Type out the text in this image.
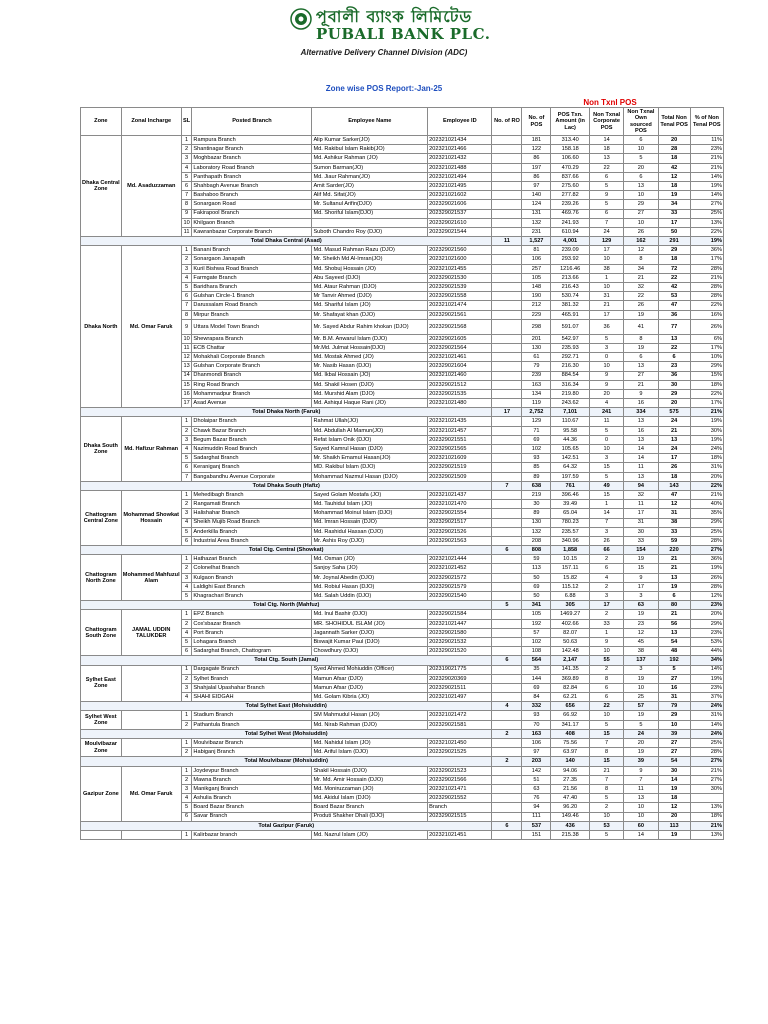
পূবালী ব্যাংক লিমিটেড
PUBALI BANK PLC.
Alternative Delivery Channel Division (ADC)
Zone wise POS Report:-Jan-25
Non Txnl POS
Zone	Zonal Incharge	SL	Posted Branch	Employee Name	Employee ID	No. of RO	No. of POS	POS Txn. Amount (in Lac)	Non Txnal Corporate POS	Non Txnal Own sourced POS	Total Non Tenal POS	% of Non Tenal POS
Dhaka Central Zone	Md. Asaduzzaman	1	Rampura Branch	Alip Kumar Sarker(JO)	202321021434		181	313.40	14	6	20	11%
		2	Shantinagar Branch	Md. Rakibul Islam Rakib(JO)	202321021466		122	158.18	18	10	28	23%
		3	Moghbazar Branch	Md. Ashikur Rahman (JO)	202321021432		86	106.60	13	5	18	21%
		4	Laboratory Road Branch	Sumon Barman(JO)	202321021488		197	470.29	22	20	42	21%
		5	Panthapath Branch	Md. Jiaur Rahman(JO)	202321021494		86	837.66	6	6	12	14%
		6	Shahbagh Avenue Branch	Amit Sarder(JO)	202321021495		97	275.60	5	13	18	19%
		7	Bashaboo Branch	Alif Md. Sifat(JO)	202321021602		140	277.82	9	10	19	14%
		8	Sonargaon Road	Mr. Sultanul Arifin(DJO)	202329021606		124	239.26	5	29	34	27%
		9	Fakirapool Branch	Md. Shoriful Islam(DJO)	202329021537		131	469.76	6	27	33	25%
		10	Khilgaon Branch		202329021610		132	241.93	7	10	17	13%
		11	Kawranbazar Corporate Branch	Suboth Chandro Roy (DJO)	202329021544		231	610.94	24	26	50	22%
Total Dhaka Central (Asad)						11	1,527	4,001	129	162	291	19%
Dhaka North	Md. Omar Faruk	1	Banani Branch	Md. Masud Rahman Razu (DJO)	202329021560		81	239.09	17	12	29	36%
		2	Sonargaon Janapath	Mr. Sheikh Md Al-Imran(JO)	202321021600		106	293.92	10	8	18	17%
		3	Kuril Bishwa Road Branch	Md. Shobuj Hossain (JO)	202321021455		257	1216.46	38	34	72	28%
		4	Farmgate Branch	Abu Sayeed (DJO)	202329021530		105	213.66	1	21	22	21%
		5	Baridhara Branch	Md. Ataur Rahman (DJO)	202329021539		148	216.43	10	32	42	28%
		6	Gulshan Circle-1 Branch	Mr Tanvir Ahmed (DJO)	202329021558		190	530.74	31	22	53	28%
		7	Darussalam Road Branch	Md. Shariful Islam (JO)	202321021474		212	381.32	21	26	47	22%
		8	Mirpur Branch	Mr. Shafayat khan (DJO)	202329021561		229	465.91	17	19	36	16%
		9	Uttara Model Town Branch	Mr. Sayed Abdur Rahim khokan (DJO)	202329021568		298	591.07	36	41	77	26%
		10	Shewrapara Branch	Mr. B.M. Anwarul Islam (DJO)	202329021605		201	542.97	5	8	13	6%
		11	ECB Chattar	Mr.Md. Julmat Hossain(DJO)	202329021564		130	235.93	3	19	22	17%
		12	Mohakhali Corporate Branch	Md. Mostak Ahmed (JO)	202321021461		61	292.71	0	6	6	10%
		13	Gulshan Corporate Branch	Mr. Nasib Hasan (DJO)	202329021604		79	216.30	10	13	23	29%
		14	Dhanmondi Branch	Md. Ikbal Hossain (JO)	202321021460		239	884.54	9	27	36	15%
		15	Ring Road Branch	Md. Shakil Hosen (DJO)	202329021512		163	316.34	9	21	30	18%
		16	Mohammadpur Branch	Md. Murshid Alam (DJO)	202329021535		134	219.80	20	9	29	22%
		17	Asad Avenue	Md. Ashiqul Haque Rani (JO)	202321021480		119	243.62	4	16	20	17%
Total Dhaka North (Faruk)						17	2,752	7,101	241	334	575	21%
Dhaka South Zone	Md. Hafizur Rahman	1	Dholaipar Branch	Rahmat Ullah(JO)	202321021435		129	110.67	11	13	24	19%
		2	Chawk Bazar Branch	Md. Abdullah Al Mamun(JO)	202321021457		71	95.58	5	16	21	30%
		3	Begum Bazar Branch	Refat Islam Onik (DJO)	202329021551		69	44.36	0	13	13	19%
		4	Nazimuddin Road Branch	Sayed Kamrul Hasan (DJO)	202329021565		102	105.65	10	14	24	24%
		5	Sadarghat Branch	Mr. Shaikh Emamul Hasan(JO)	202321021609		93	142.51	3	14	17	18%
		6	Keraniganj Branch	MD. Rakibul Islam (DJO)	202329021519		85	64.32	15	11	26	31%
		7	Bangabandhu Avenue Corporate	Mohammad Nazmul Hasan (DJO)	202329021509		89	197.59	5	13	18	20%
Total Dhaka South (Hafiz)						7	638	761	49	94	143	22%
Chattogram Central Zone	Mohammad Showkat Hossain	1	Mehedibagh Branch	Sayed Golam Mostafa (JO)	202321021437		219	396.46	15	32	47	21%
		2	Rangamati Branch	Md. Tauhidul Islam (JO)	202321021470		30	39.49	1	11	12	40%
		3	Halishahar Branch	Mohammad Moinul Islam (DJO)	202329021554		89	65.04	14	17	31	35%
		4	Sheikh Mujib Road Branch	Md. Imran Hossain (DJO)	202329021517		130	780.23	7	31	38	29%
		5	Anderkilla Branch	Md. Rashidul Hassan (DJO)	202329021526		132	235.57	3	30	33	25%
		6	Industrial Area Branch	Mr. Ashis Roy (DJO)	202329021563		208	340.96	26	33	59	28%
Total Ctg. Central (Showkat)						6	808	1,858	66	154	220	27%
Chattogram North Zone	Mohammed Mahfuzul Alam	1	Hathazari Branch	Md. Osman (JO)	202321021444		59	10.15	2	19	21	36%
		2	Colonelhat Branch	Sanjoy Saha (JO)	202321021452		113	157.11	6	15	21	19%
		3	Kulgaon Branch	Mr. Joynal Abedin (DJO)	202329021572		50	15.82	4	9	13	26%
		4	Laldighi East Branch	Md. Robiul Hasan (DJO)	202329021579		69	115.12	2	17	19	28%
		5	Khagrachari Branch	Md. Salah Uddin (DJO)	202329021540		50	6.88	3	3	6	12%
Total Ctg. North (Mahfuz)						5	341	305	17	63	80	23%
Chattogram South Zone	JAMAL UDDIN TALUKDER	1	EPZ Branch	Md. Inul Bashir (DJO)	202329021584		105	1469.27	2	19	21	20%
		2	Cox'sbazar Branch	MR. SHOHIDUL ISLAM (JO)	202321021447		192	402.66	33	23	56	29%
		4	Port Branch	Jagannath Sarker (DJO)	202329021580		57	82.07	1	12	13	23%
		5	Lohagara Branch	Biswajit Kumar Paul (DJO)	202329021532		102	50.63	9	45	54	53%
		6	Sadarghat Branch, Chattogram	Chowdhury (DJO)	202329021520		108	142.48	10	38	48	44%
Total Ctg. South (Jamal)						6	564	2,147	55	137	192	34%
Sylhet East Zone		1	Dargagate Branch	Syed Ahmed Mohiuddin (Officer)	202319021775		35	141.35	2	3	5	14%
		2	Sylhet Branch	Mamun Afsar (DJO)	202329020369		144	369.89	8	19	27	19%
		3	Shahjalal Upashahar Branch	Mamun Afsar (DJO)	202329021511		69	82.84	6	10	16	23%
		4	SHAHI EIDGAH	Md. Golam Kibria (JO)	202321021497		84	62.21	6	25	31	37%
Total Sylhet East (Mohsiuddin)						4	332	656	22	57	79	24%
Sylhet West Zone		1	Stadium Branch	SM Mahmudul Hasan (JO)	202321021472		93	66.92	10	19	29	31%
		2	Pathantula Branch	Md. Nirab Rahman (DJO)	202329021581		70	341.17	5	5	10	14%
Total Sylhet West (Mohsiuddin)						2	163	408	15	24	39	24%
Moulvibazar Zone		1	Moulvibazar Branch	Md. Nahidul Islam (JO)	202321021450		106	75.56	7	20	27	25%
		2	Habiganj Branch	Md. Ariful Islam (DJO)	202329021525		97	63.97	8	19	27	28%
Total Moulvibazar (Mohsiuddin)						2	203	140	15	39	54	27%
Gazipur Zone	Md. Omar Faruk	1	Joydevpur Branch	Shakil Hossain (DJO)	202329021523		142	94.06	21	9	30	21%
		2	Mawna Branch	Mr. Md. Amir Hossain (DJO)	202329021566		51	27.35	7	7	14	27%
		3	Manikganj Branch	Md. Moniruzzaman (JO)	202321021471		63	21.56	8	11	19	30%
		4	Ashulia Branch	Md. Akidul Islam (DJO)	202329021552		76	47.40	5	13	18	
		5	Board Bazar Branch	Board Bazar Branch	Branch		94	96.20	2	10	12	13%
		6	Savar Branch	Produti Shakher Dhali (DJO)	202329021515		111	149.46	10	10	20	18%
Total Gazipur (Faruk)						6	537	436	53	60	113	21%
		1	Kalirbazar branch	Md. Nazrul Islam (JO)	202321021451		151	215.38	5	14	19	13%
